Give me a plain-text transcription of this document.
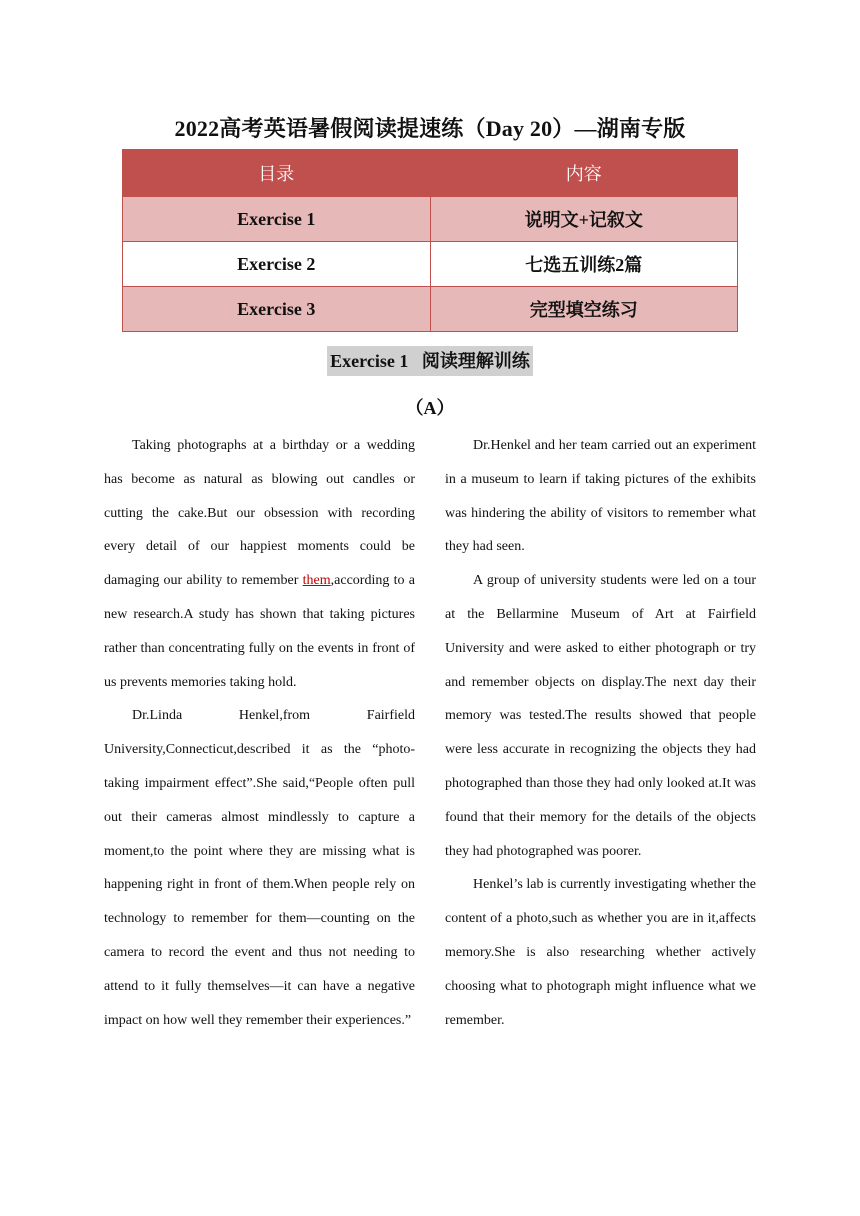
2022高考英语暑假阅读提速练（Day 20）—湖南专版
目录	内容
Exercise 1	说明文+记叙文
Exercise 2	七选五训练2篇
Exercise 3	完型填空练习
Exercise 1   阅读理解训练
（A）

Taking photographs at a birthday or a wedding has become as natural as blowing out candles or cutting the cake.But our obsession with recording every detail of our happiest moments could be damaging our ability to remember them,according to a new research.A study has shown that taking pictures rather than concentrating fully on the events in front of us prevents memories taking hold.

Dr.Linda Henkel,from Fairfield University,Connecticut,described it as the “photo-taking impairment effect”.She said,“People often pull out their cameras almost mindlessly to capture a moment,to the point where they are missing what is happening right in front of them.When people rely on technology to remember for them—counting on the camera to record the event and thus not needing to attend to it fully themselves—it can have a negative impact on how well they remember their experiences.”

Dr.Henkel and her team carried out an experiment in a museum to learn if taking pictures of the exhibits was hindering the ability of visitors to remember what they had seen.

A group of university students were led on a tour at the Bellarmine Museum of Art at Fairfield University and were asked to either photograph or try and remember objects on display.The next day their memory was tested.The results showed that people were less accurate in recognizing the objects they had photographed than those they had only looked at.It was found that their memory for the details of the objects they had photographed was poorer.

Henkel’s lab is currently investigating whether the content of a photo,such as whether you are in it,affects memory.She is also researching whether actively choosing what to photograph might influence what we remember.
